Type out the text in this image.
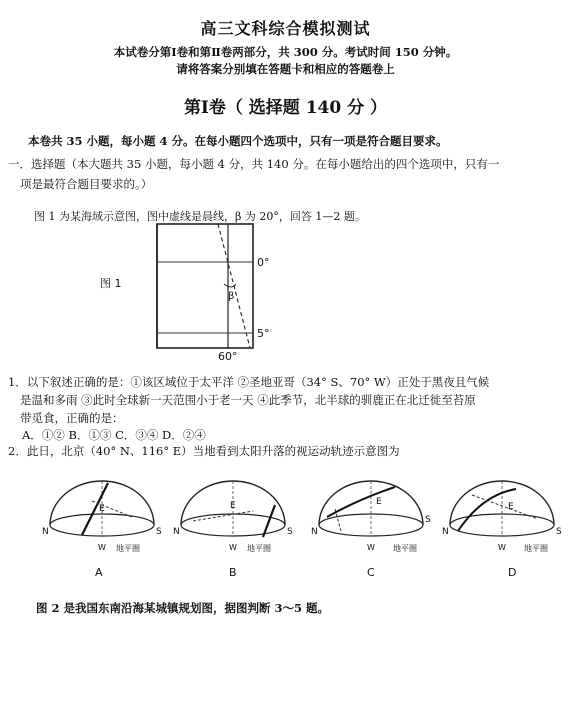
高三文科综合模拟测试
本试卷分第Ⅰ卷和第Ⅱ卷两部分，共 300 分。考试时间 150 分钟。
请将答案分别填在答题卡和相应的答题卷上
第Ⅰ卷（ 选择题 140 分 ）
本卷共 35 小题，每小题 4 分。在每小题四个选项中，只有一项是符合题目要求。
一．选择题（本大题共 35 小题，每小题 4 分，共 140 分。在每小题给出的四个选项中，只有一
项是最符合题目要求的。）
图 1 为某海域示意图，图中虚线是晨线，β 为 20°，回答 1—2 题。
图 1
0°
5°
60°
β
1．以下叙述正确的是：①该区域位于太平洋 ②圣地亚哥（34° S、70° W）正处于黑夜且气候
是温和多雨 ③此时全球新一天范围小于老一天 ④此季节，北半球的驯鹿正在北迁徙至苔原
带觅食，正确的是：
A．①② B．①③ C．③④ D．②④
2．此日，北京（40° N、116° E）当地看到太阳升落的视运动轨迹示意图为
N	S
E
W 地平圈
A
N	S
E
W 地平圈
B
N
S
E
W 地平圈
C
N	S
E
W 地平圈
D
图 2 是我国东南沿海某城镇规划图，据图判断 3～5 题。
